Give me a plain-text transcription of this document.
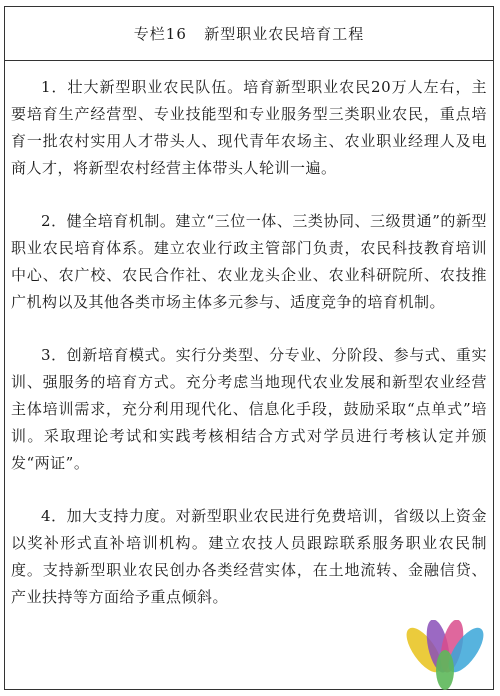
专栏16
新型职业农民培育工程

1．壮大新型职业农民队伍。培育新型职业农民20万人左右，主要培育生产经营型、专业技能型和专业服务型三类职业农民，重点培育一批农村实用人才带头人、现代青年农场主、农业职业经理人及电商人才，将新型农村经营主体带头人轮训一遍。

2．健全培育机制。建立“三位一体、三类协同、三级贯通”的新型职业农民培育体系。建立农业行政主管部门负责，农民科技教育培训中心、农广校、农民合作社、农业龙头企业、农业科研院所、农技推广机构以及其他各类市场主体多元参与、适度竞争的培育机制。

3．创新培育模式。实行分类型、分专业、分阶段、参与式、重实训、强服务的培育方式。充分考虑当地现代农业发展和新型农业经营主体培训需求，充分利用现代化、信息化手段，鼓励采取“点单式”培训。采取理论考试和实践考核相结合方式对学员进行考核认定并颁发“两证”。

4．加大支持力度。对新型职业农民进行免费培训，省级以上资金以奖补形式直补培训机构。建立农技人员跟踪联系服务职业农民制度。支持新型职业农民创办各类经营实体，在土地流转、金融信贷、产业扶持等方面给予重点倾斜。
